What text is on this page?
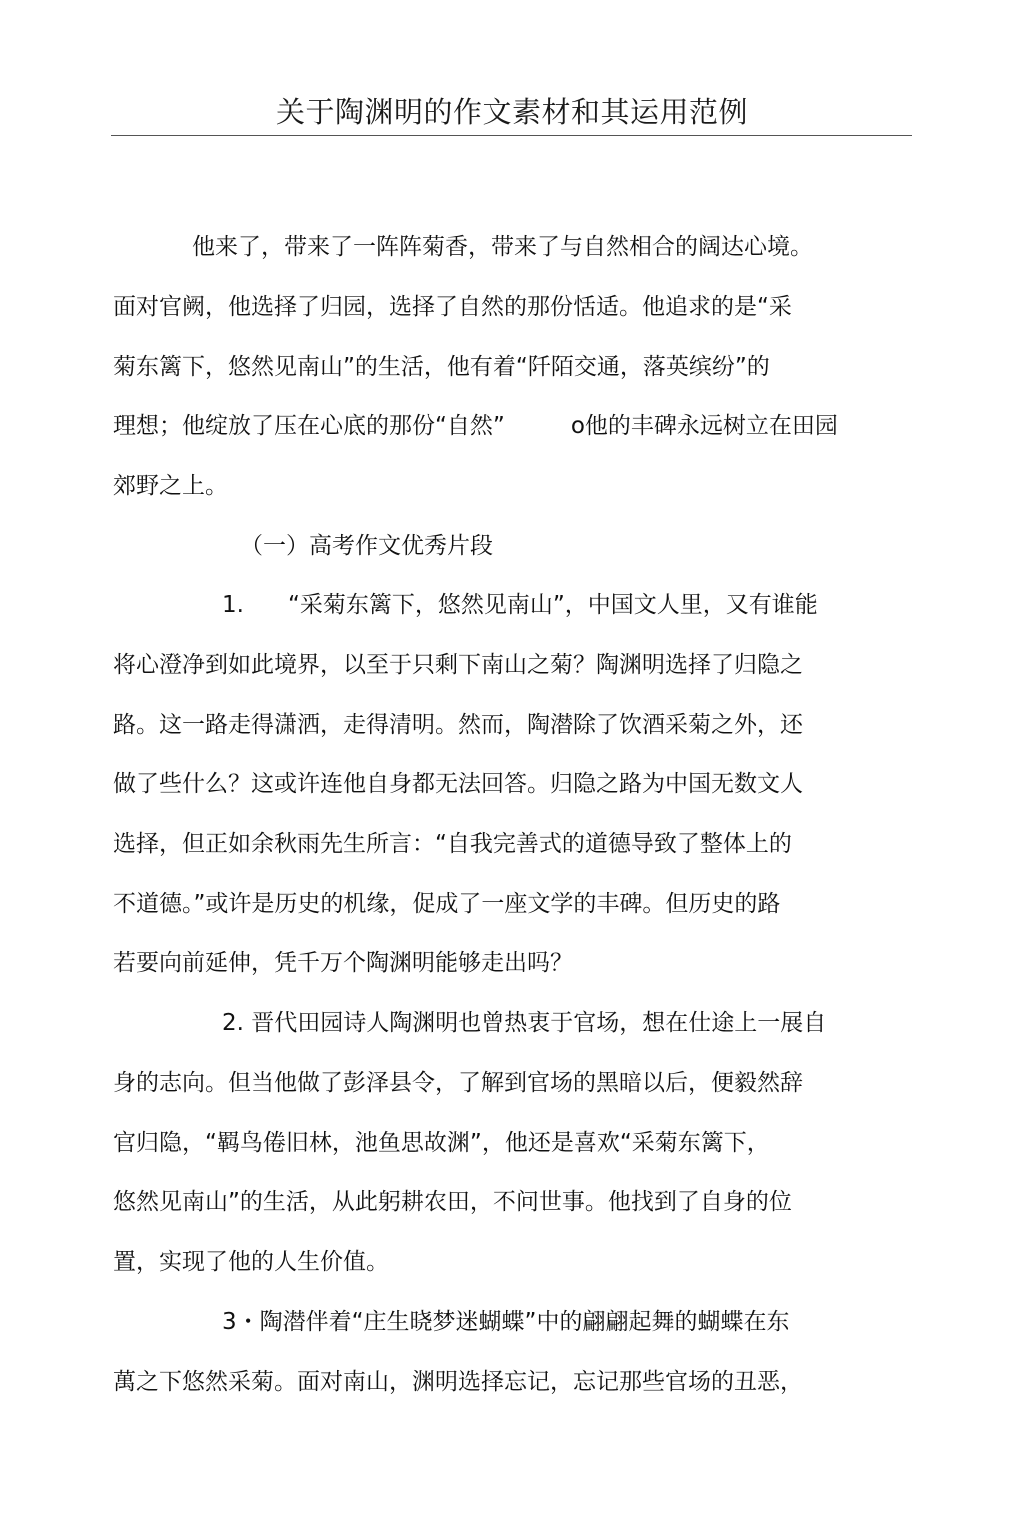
关于陶渊明的作文素材和其运用范例
他来了，带来了一阵阵菊香，带来了与自然相合的阔达心境。
面对官阙，他选择了归园，选择了自然的那份恬适。他追求的是“采
菊东篱下，悠然见南山”的生活，他有着“阡陌交通，落英缤纷”的
理想；他绽放了压在心底的那份“自然”	o他的丰碑永远树立在田园
郊野之上。
（一）高考作文优秀片段
1. “采菊东篱下，悠然见南山”，中国文人里，又有谁能
将心澄净到如此境界，以至于只剩下南山之菊？陶渊明选择了归隐之
路。这一路走得潇洒，走得清明。然而，陶潜除了饮酒采菊之外，还
做了些什么？这或许连他自身都无法回答。归隐之路为中国无数文人
选择，但正如余秋雨先生所言：“自我完善式的道德导致了整体上的
不道德。”或许是历史的机缘，促成了一座文学的丰碑。但历史的路
若要向前延伸，凭千万个陶渊明能够走出吗？
2. 晋代田园诗人陶渊明也曾热衷于官场，想在仕途上一展自
身的志向。但当他做了彭泽县令，了解到官场的黑暗以后，便毅然辞
官归隐，“羁鸟倦旧林，池鱼思故渊”，他还是喜欢“采菊东篱下，
悠然见南山”的生活，从此躬耕农田，不问世事。他找到了自身的位
置，实现了他的人生价值。
3・陶潜伴着“庄生晓梦迷蝴蝶”中的翩翩起舞的蝴蝶在东
萬之下悠然采菊。面对南山，渊明选择忘记，忘记那些官场的丑恶，
